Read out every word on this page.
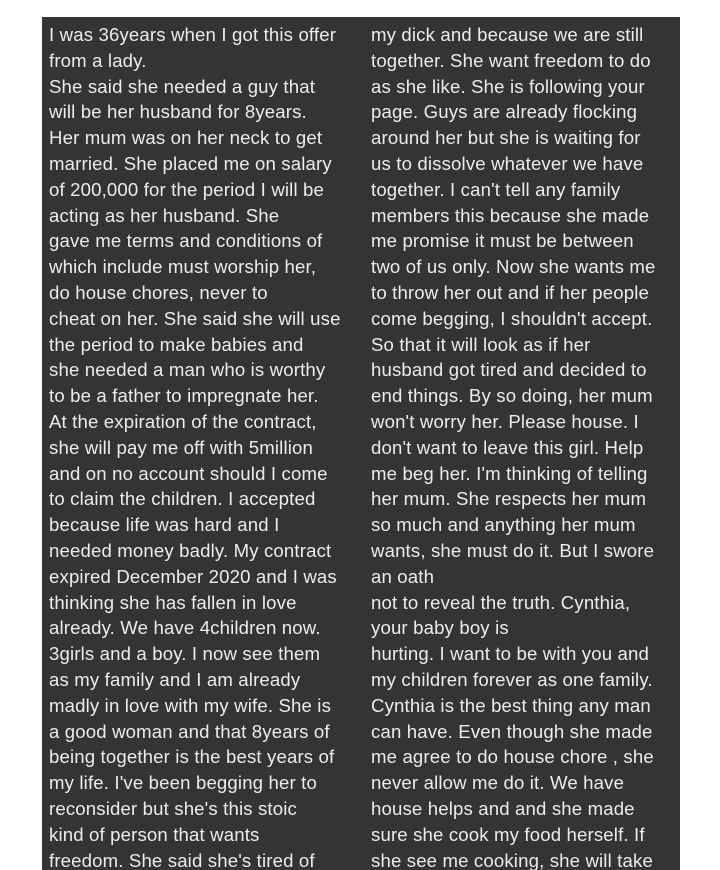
I was 36years when I got this offer
from a lady.
She said she needed a guy that
will be her husband for 8years.
Her mum was on her neck to get
married. She placed me on salary
of 200,000 for the period I will be
acting as her husband. She
gave me terms and conditions of
which include must worship her,
do house chores, never to
cheat on her. She said she will use
the period to make babies and
she needed a man who is worthy
to be a father to impregnate her.
At the expiration of the contract,
she will pay me off with 5million
and on no account should I come
to claim the children. I accepted
because life was hard and I
needed money badly. My contract
expired December 2020 and I was
thinking she has fallen in love
already. We have 4children now.
3girls and a boy. I now see them
as my family and I am already
madly in love with my wife. She is
a good woman and that 8years of
being together is the best years of
my life. I've been begging her to
reconsider but she's this stoic
kind of person that wants
freedom. She said she's tired of
my dick and because we are still
together. She want freedom to do
as she like. She is following your
page. Guys are already flocking
around her but she is waiting for
us to dissolve whatever we have
together. I can't tell any family
members this because she made
me promise it must be between
two of us only. Now she wants me
to throw her out and if her people
come begging, I shouldn't accept.
So that it will look as if her
husband got tired and decided to
end things. By so doing, her mum
won't worry her. Please house. I
don't want to leave this girl. Help
me beg her. I'm thinking of telling
her mum. She respects her mum
so much and anything her mum
wants, she must do it. But I swore
an oath
not to reveal the truth. Cynthia,
your baby boy is
hurting. I want to be with you and
my children forever as one family.
Cynthia is the best thing any man
can have. Even though she made
me agree to do house chore , she
never allow me do it. We have
house helps and and she made
sure she cook my food herself. If
she see me cooking, she will take
